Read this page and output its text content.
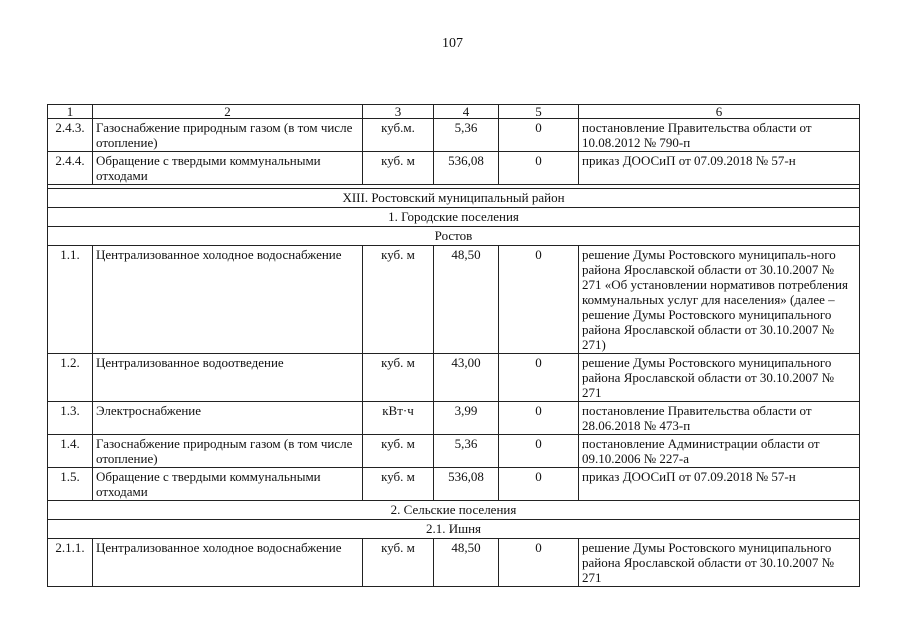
107
1	2	3	4	5	6
2.4.3.	Газоснабжение природным газом (в том числе отопление)	куб.м.	5,36	0	постановление Правительства области от 10.08.2012 № 790-п
2.4.4.	Обращение с твердыми коммунальными отходами	куб. м	536,08	0	приказ ДООСиП от 07.09.2018 № 57-н

XIII. Ростовский муниципальный район					
1. Городские поселения					
Ростов					
1.1.	Централизованное холодное водоснабжение	куб. м	48,50	0	решение Думы Ростовского муниципаль-ного района Ярославской области от 30.10.2007 № 271 «Об установлении нормативов потребления коммунальных услуг для населения» (далее – решение Думы Ростовского муниципального района Ярославской области от 30.10.2007 № 271)
1.2.	Централизованное водоотведение	куб. м	43,00	0	решение Думы Ростовского муниципального района Ярославской области от 30.10.2007 № 271
1.3.	Электроснабжение	кВт·ч	3,99	0	постановление Правительства области от 28.06.2018 № 473-п
1.4.	Газоснабжение природным газом (в том числе отопление)	куб. м	5,36	0	постановление Администрации области от 09.10.2006 № 227-а
1.5.	Обращение с твердыми коммунальными отходами	куб. м	536,08	0	приказ ДООСиП от 07.09.2018 № 57-н
2. Сельские поселения					
2.1. Ишня					
2.1.1.	Централизованное холодное водоснабжение	куб. м	48,50	0	решение Думы Ростовского муниципального района Ярославской области от 30.10.2007 № 271
